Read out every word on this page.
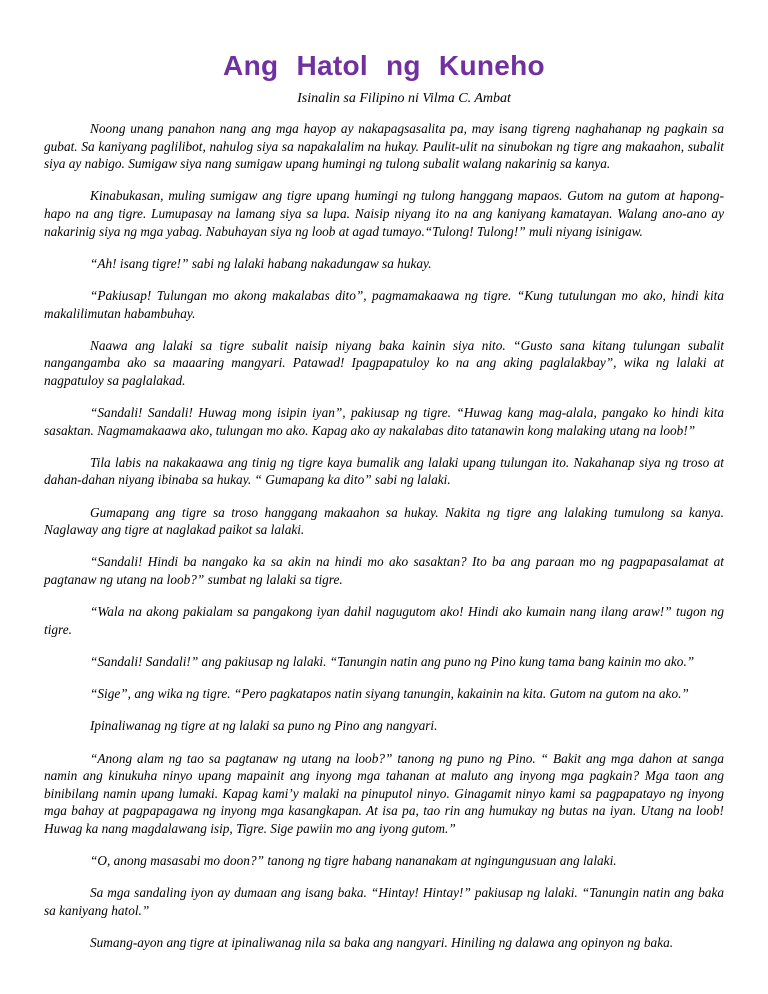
Ang Hatol ng Kuneho
Isinalin sa Filipino ni Vilma C. Ambat

Noong unang panahon nang ang mga hayop ay nakapagsasalita pa, may isang tigreng naghahanap ng pagkain sa gubat. Sa kaniyang paglilibot, nahulog siya sa napakalalim na hukay. Paulit-ulit na sinubokan ng tigre ang makaahon, subalit siya ay nabigo. Sumigaw siya nang sumigaw upang humingi ng tulong subalit walang nakarinig sa kanya.

Kinabukasan, muling sumigaw ang tigre upang humingi ng tulong hanggang mapaos. Gutom na gutom at hapong-hapo na ang tigre. Lumupasay na lamang siya sa lupa. Naisip niyang ito na ang kaniyang kamatayan. Walang ano-ano ay nakarinig siya ng mga yabag. Nabuhayan siya ng loob at agad tumayo.“Tulong! Tulong!” muli niyang isinigaw.

“Ah! isang tigre!” sabi ng lalaki habang nakadungaw sa hukay.

“Pakiusap! Tulungan mo akong makalabas dito”, pagmamakaawa ng tigre. “Kung tutulungan mo ako, hindi kita makalilimutan habambuhay.

Naawa ang lalaki sa tigre subalit naisip niyang baka kainin siya nito. “Gusto sana kitang tulungan subalit nangangamba ako sa maaaring mangyari. Patawad! Ipagpapatuloy ko na ang aking paglalakbay”, wika ng lalaki at nagpatuloy sa paglalakad.

“Sandali! Sandali! Huwag mong isipin iyan”, pakiusap ng tigre. “Huwag kang mag-alala, pangako ko hindi kita sasaktan. Nagmamakaawa ako, tulungan mo ako. Kapag ako ay nakalabas dito tatanawin kong malaking utang na loob!”

Tila labis na nakakaawa ang tinig ng tigre kaya bumalik ang lalaki upang tulungan ito. Nakahanap siya ng troso at dahan-dahan niyang ibinaba sa hukay. “ Gumapang ka dito” sabi ng lalaki.

Gumapang ang tigre sa troso hanggang makaahon sa hukay. Nakita ng tigre ang lalaking tumulong sa kanya. Naglaway ang tigre at naglakad paikot sa lalaki.

“Sandali! Hindi ba nangako ka sa akin na hindi mo ako sasaktan? Ito ba ang paraan mo ng pagpapasalamat at pagtanaw ng utang na loob?” sumbat ng lalaki sa tigre.

“Wala na akong pakialam sa pangakong iyan dahil nagugutom ako! Hindi ako kumain nang ilang araw!” tugon ng tigre.

“Sandali! Sandali!” ang pakiusap ng lalaki. “Tanungin natin ang puno ng Pino kung tama bang kainin mo ako.”

“Sige”, ang wika ng tigre. “Pero pagkatapos natin siyang tanungin, kakainin na kita. Gutom na gutom na ako.”

Ipinaliwanag ng tigre at ng lalaki sa puno ng Pino ang nangyari.

“Anong alam ng tao sa pagtanaw ng utang na loob?” tanong ng puno ng Pino. “ Bakit ang mga dahon at sanga namin ang kinukuha ninyo upang mapainit ang inyong mga tahanan at maluto ang inyong mga pagkain? Mga taon ang binibilang namin upang lumaki. Kapag kami’y malaki na pinuputol ninyo. Ginagamit ninyo kami sa pagpapatayo ng inyong mga bahay at pagpapagawa ng inyong mga kasangkapan. At isa pa, tao rin ang humukay ng butas na iyan. Utang na loob! Huwag ka nang magdalawang isip, Tigre. Sige pawiin mo ang iyong gutom.”

“O, anong masasabi mo doon?” tanong ng tigre habang nananakam at ngingungusuan ang lalaki.

Sa mga sandaling iyon ay dumaan ang isang baka. “Hintay! Hintay!” pakiusap ng lalaki. “Tanungin natin ang baka sa kaniyang hatol.”

Sumang-ayon ang tigre at ipinaliwanag nila sa baka ang nangyari. Hiniling ng dalawa ang opinyon ng baka.
